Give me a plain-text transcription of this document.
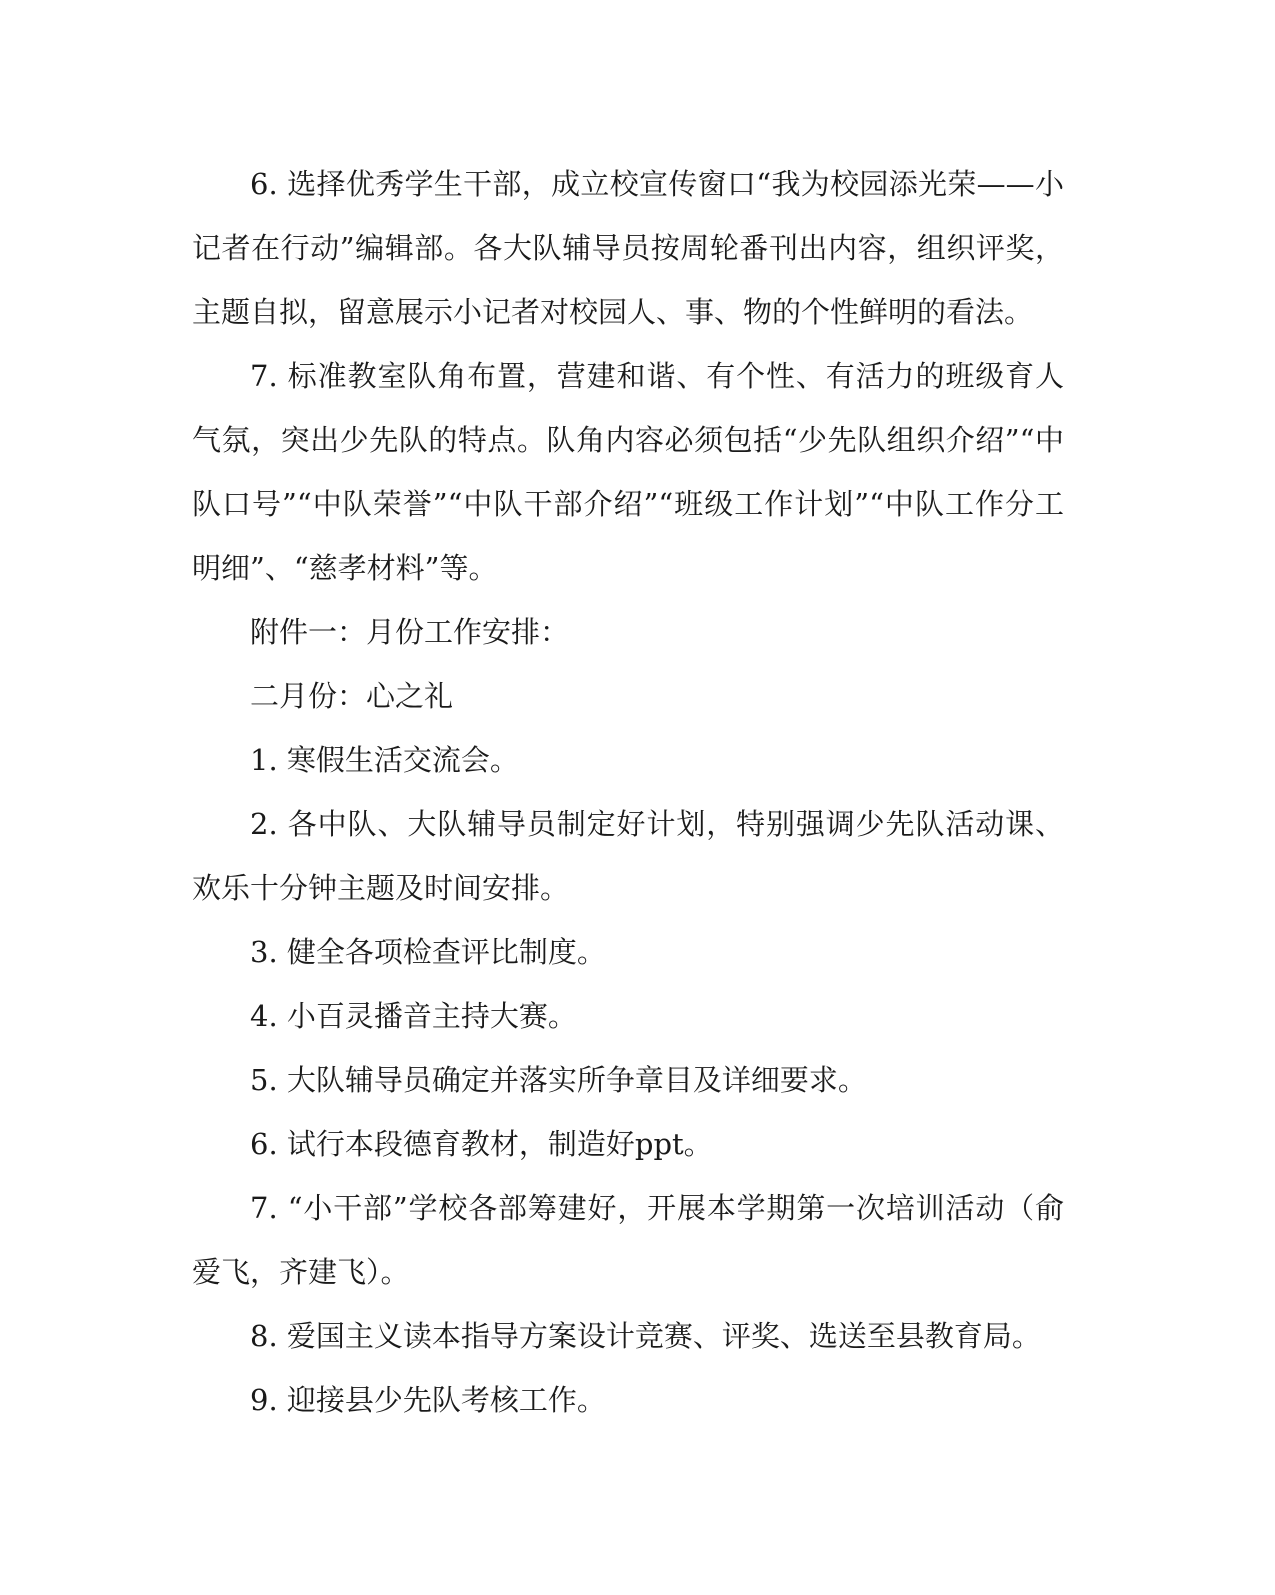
6. 选择优秀学生干部，成立校宣传窗口“我为校园添光荣——小记者在行动”编辑部。各大队辅导员按周轮番刊出内容，组织评奖，主题自拟，留意展示小记者对校园人、事、物的个性鲜明的看法。

7. 标准教室队角布置，营建和谐、有个性、有活力的班级育人气氛，突出少先队的特点。队角内容必须包括“少先队组织介绍”“中队口号”“中队荣誉”“中队干部介绍”“班级工作计划”“中队工作分工明细”、“慈孝材料”等。

附件一：月份工作安排：

二月份：心之礼

1. 寒假生活交流会。

2. 各中队、大队辅导员制定好计划，特别强调少先队活动课、欢乐十分钟主题及时间安排。

3. 健全各项检查评比制度。

4. 小百灵播音主持大赛。

5. 大队辅导员确定并落实所争章目及详细要求。

6. 试行本段德育教材，制造好ppt。

7. “小干部”学校各部筹建好，开展本学期第一次培训活动（俞爱飞，齐建飞）。

8. 爱国主义读本指导方案设计竞赛、评奖、选送至县教育局。

9. 迎接县少先队考核工作。
